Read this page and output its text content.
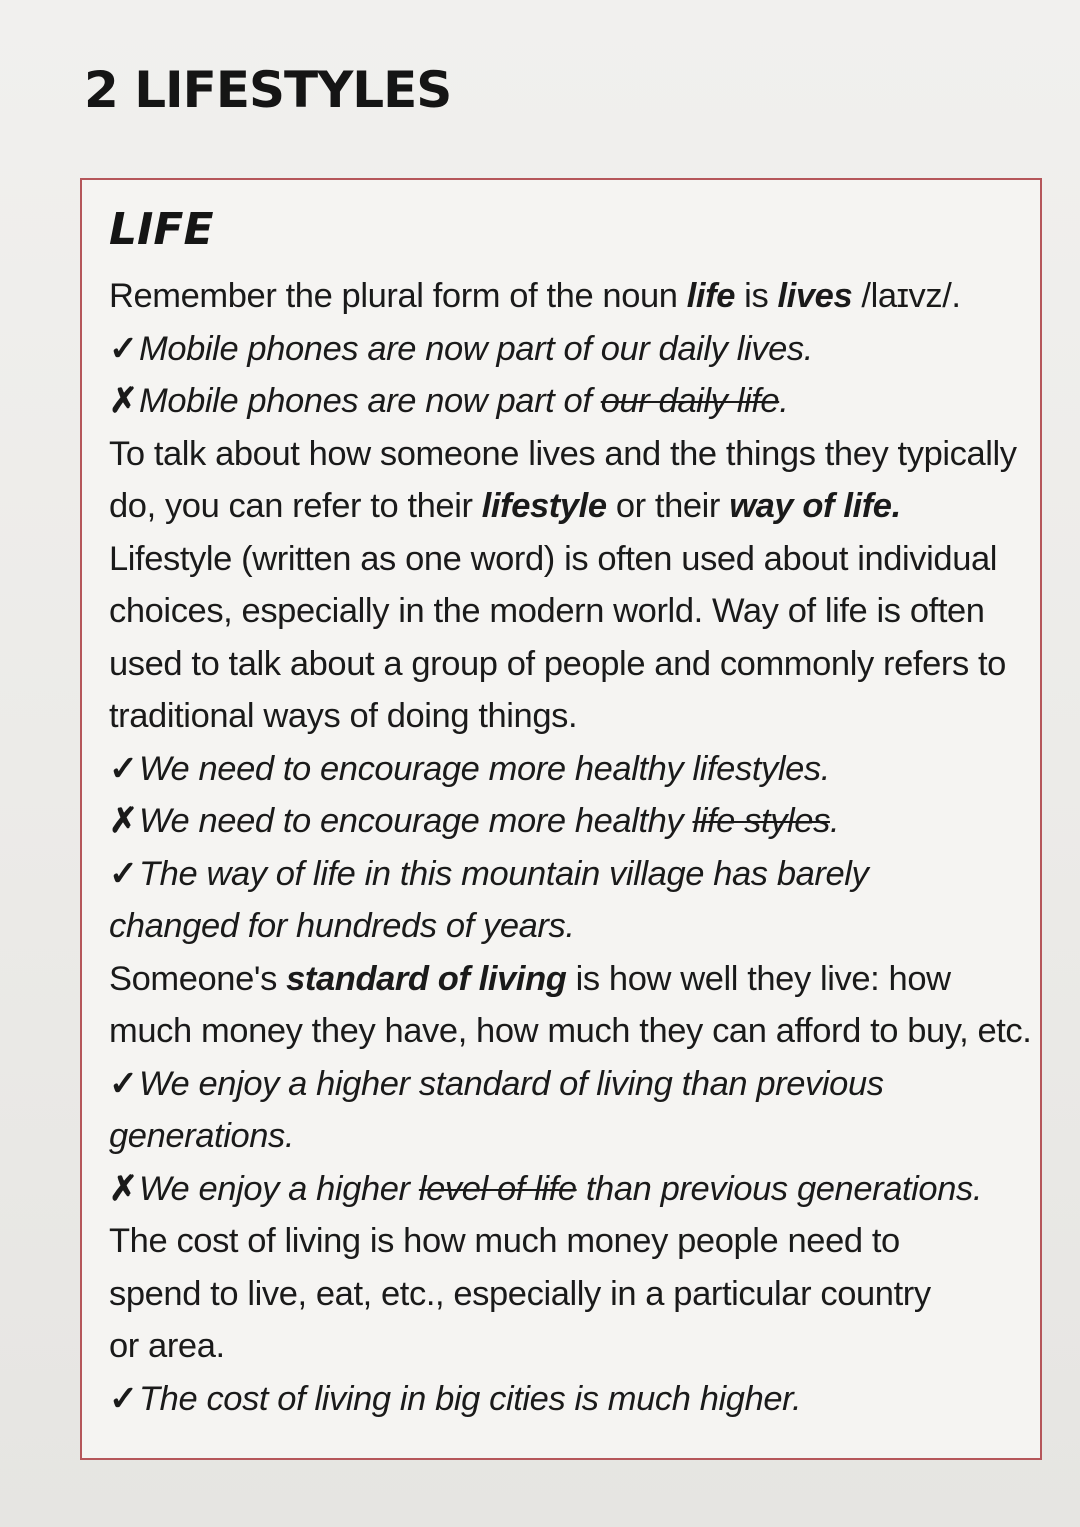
2 LIFESTYLES
LIFE
Remember the plural form of the noun life is lives /laɪvz/.
✓Mobile phones are now part of our daily lives.
✗Mobile phones are now part of our daily life.
To talk about how someone lives and the things they typically
do, you can refer to their lifestyle or their way of life.
Lifestyle (written as one word) is often used about individual
choices, especially in the modern world. Way of life is often
used to talk about a group of people and commonly refers to
traditional ways of doing things.
✓We need to encourage more healthy lifestyles.
✗We need to encourage more healthy life styles.
✓The way of life in this mountain village has barely
changed for hundreds of years.
Someone's standard of living is how well they live: how
much money they have, how much they can afford to buy, etc.
✓We enjoy a higher standard of living than previous
generations.
✗We enjoy a higher level of life than previous generations.
The cost of living is how much money people need to
spend to live, eat, etc., especially in a particular country
or area.
✓The cost of living in big cities is much higher.
